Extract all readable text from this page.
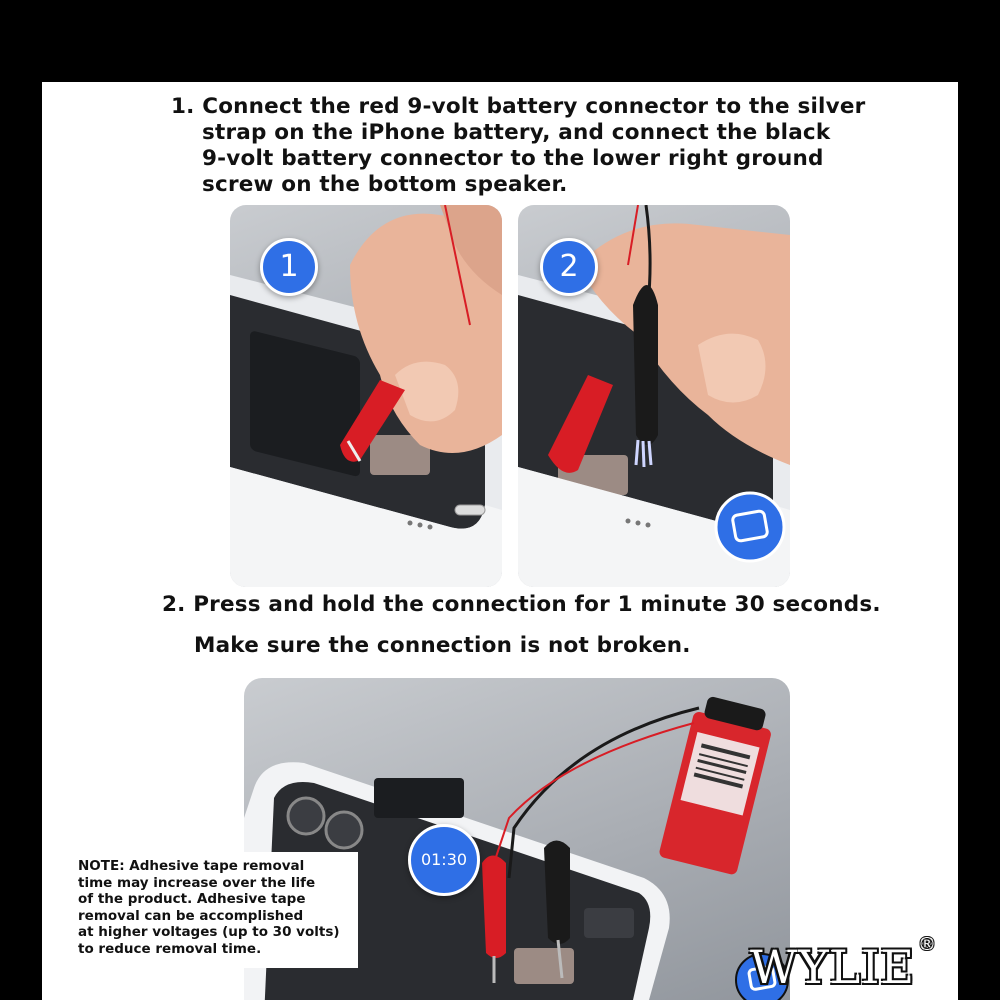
1. Connect the red 9-volt battery connector to the silver
strap on the iPhone battery, and connect the black
9-volt battery connector to the lower right ground
screw on the bottom speaker.

1	2

2. Press and hold the connection for 1 minute 30 seconds.
Make sure the connection is not broken.

01:30
NOTE: Adhesive tape removal
time may increase over the life
of the product. Adhesive tape
removal can be accomplished
at higher voltages (up to 30 volts)
to reduce removal time.	WYLIE ®
